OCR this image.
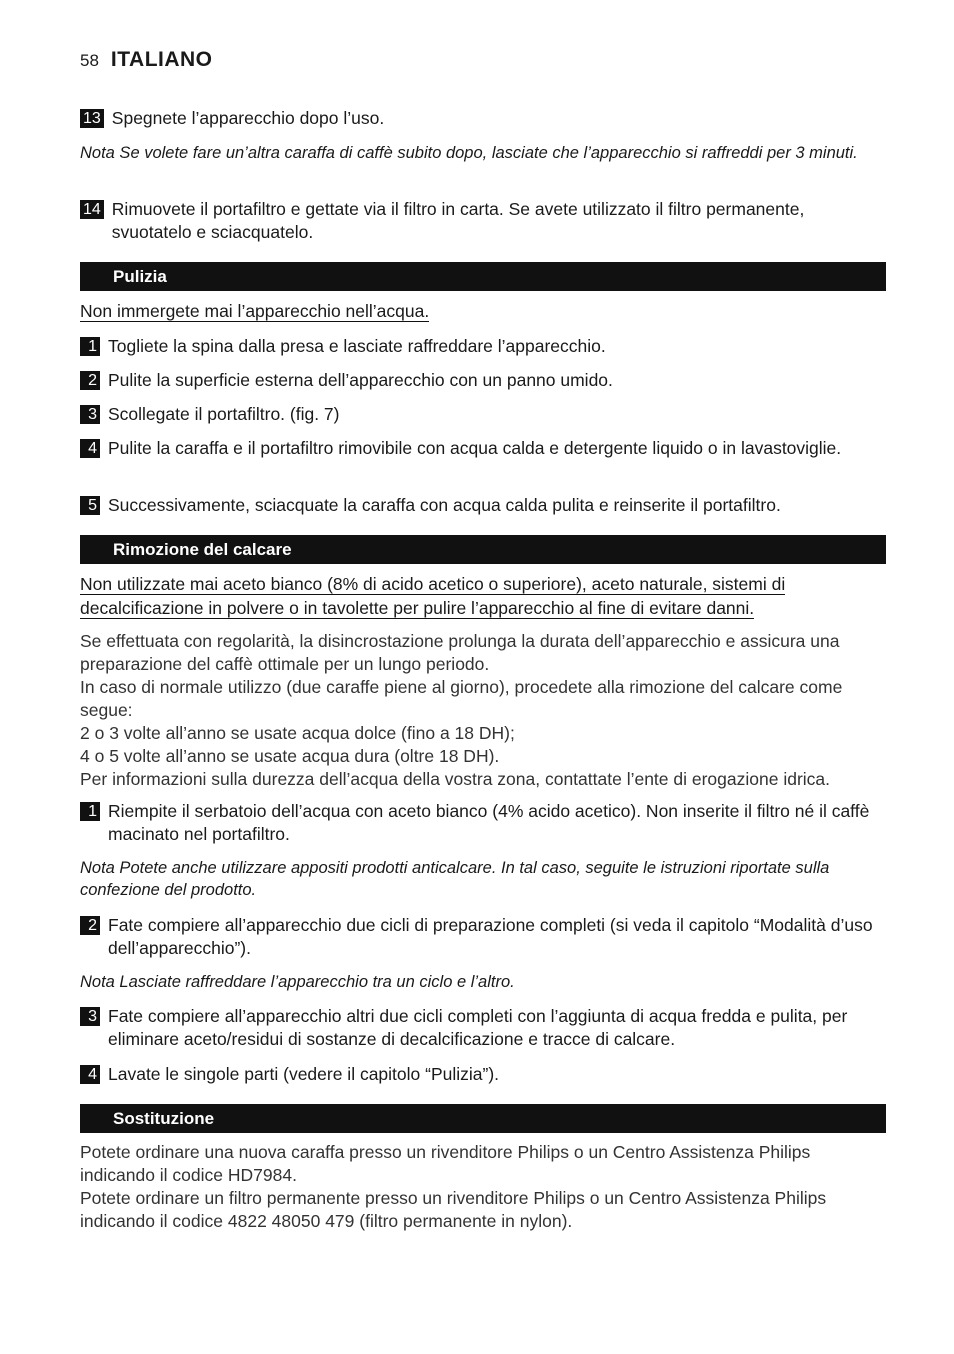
58 ITALIANO
13 Spegnete l’apparecchio dopo l’uso.
Nota Se volete fare un’altra caraffa di caffè subito dopo, lasciate che l’apparecchio si raffreddi per 3 minuti.
14 Rimuovete il portafiltro e gettate via il filtro in carta. Se avete utilizzato il filtro permanente, svuotatelo e sciacquatelo.
Pulizia
Non immergete mai l’apparecchio nell’acqua.
1 Togliete la spina dalla presa e lasciate raffreddare l’apparecchio.
2 Pulite la superficie esterna dell’apparecchio con un panno umido.
3 Scollegate il portafiltro. (fig. 7)
4 Pulite la caraffa e il portafiltro rimovibile con acqua calda e detergente liquido o in lavastoviglie.
5 Successivamente, sciacquate la caraffa con acqua calda pulita e reinserite il portafiltro.
Rimozione del calcare
Non utilizzate mai aceto bianco (8% di acido acetico o superiore), aceto naturale, sistemi di
decalcificazione in polvere o in tavolette per pulire l’apparecchio al fine di evitare danni.
Se effettuata con regolarità, la disincrostazione prolunga la durata dell’apparecchio e assicura una preparazione del caffè ottimale per un lungo periodo.
In caso di normale utilizzo (due caraffe piene al giorno), procedete alla rimozione del calcare come segue:
2 o 3 volte all’anno se usate acqua dolce (fino a 18 DH);
4 o 5 volte all’anno se usate acqua dura (oltre 18 DH).
Per informazioni sulla durezza dell’acqua della vostra zona, contattate l’ente di erogazione idrica.
1 Riempite il serbatoio dell’acqua con aceto bianco (4% acido acetico). Non inserite il filtro né il caffè macinato nel portafiltro.
Nota Potete anche utilizzare appositi prodotti anticalcare. In tal caso, seguite le istruzioni riportate sulla confezione del prodotto.
2 Fate compiere all’apparecchio due cicli di preparazione completi (si veda il capitolo “Modalità d’uso dell’apparecchio”).
Nota Lasciate raffreddare l’apparecchio tra un ciclo e l’altro.
3 Fate compiere all’apparecchio altri due cicli completi con l’aggiunta di acqua fredda e pulita, per eliminare aceto/residui di sostanze di decalcificazione e tracce di calcare.
4 Lavate le singole parti (vedere il capitolo “Pulizia”).
Sostituzione
Potete ordinare una nuova caraffa presso un rivenditore Philips o un Centro Assistenza Philips indicando il codice HD7984.
Potete ordinare un filtro permanente presso un rivenditore Philips o un Centro Assistenza Philips indicando il codice 4822 48050 479 (filtro permanente in nylon).
